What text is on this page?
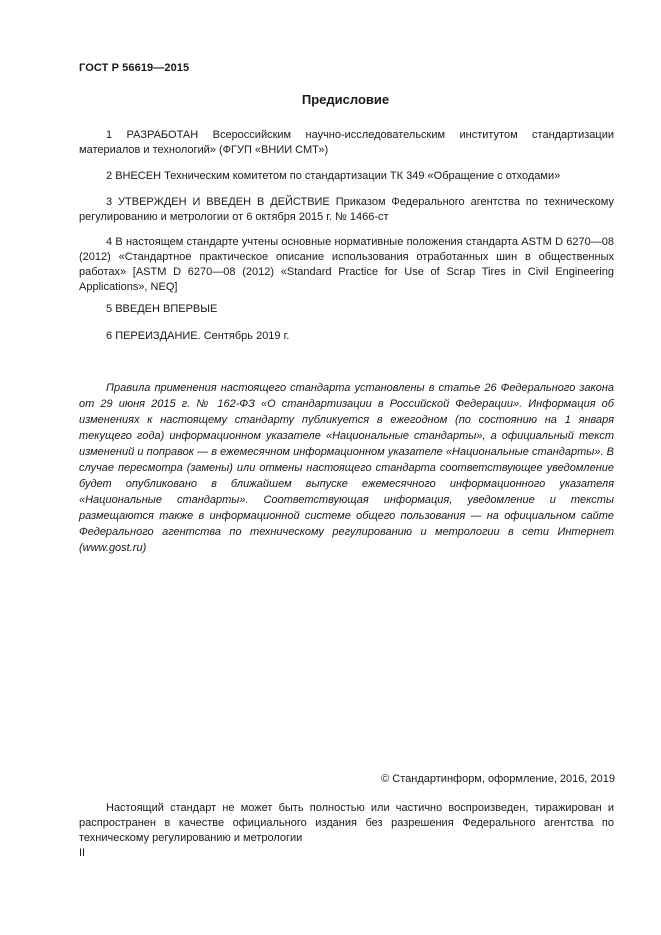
ГОСТ Р 56619—2015
Предисловие
1 РАЗРАБОТАН Всероссийским научно-исследовательским институтом стандартизации материалов и технологий» (ФГУП «ВНИИ СМТ»)
2 ВНЕСЕН Техническим комитетом по стандартизации ТК 349 «Обращение с отходами»
3 УТВЕРЖДЕН И ВВЕДЕН В ДЕЙСТВИЕ Приказом Федерального агентства по техническому регулированию и метрологии от 6 октября 2015 г. № 1466-ст
4 В настоящем стандарте учтены основные нормативные положения стандарта ASTM D 6270—08 (2012) «Стандартное практическое описание использования отработанных шин в общественных работах» [ASTM D 6270—08 (2012) «Standard Practice for Use of Scrap Tires in Civil Engineering Applications», NEQ]
5 ВВЕДЕН ВПЕРВЫЕ
6 ПЕРЕИЗДАНИЕ. Сентябрь 2019 г.
Правила применения настоящего стандарта установлены в статье 26 Федерального закона от 29 июня 2015 г. № 162-ФЗ «О стандартизации в Российской Федерации». Информация об изменениях к настоящему стандарту публикуется в ежегодном (по состоянию на 1 января текущего года) информационном указателе «Национальные стандарты», а официальный текст изменений и поправок — в ежемесячном информационном указателе «Национальные стандарты». В случае пересмотра (замены) или отмены настоящего стандарта соответствующее уведомление будет опубликовано в ближайшем выпуске ежемесячного информационного указателя «Национальные стандарты». Соответствующая информация, уведомление и тексты размещаются также в информационной системе общего пользования — на официальном сайте Федерального агентства по техническому регулированию и метрологии в сети Интернет (www.gost.ru)
© Стандартинформ, оформление, 2016, 2019
Настоящий стандарт не может быть полностью или частично воспроизведен, тиражирован и распространен в качестве официального издания без разрешения Федерального агентства по техническому регулированию и метрологии
II
